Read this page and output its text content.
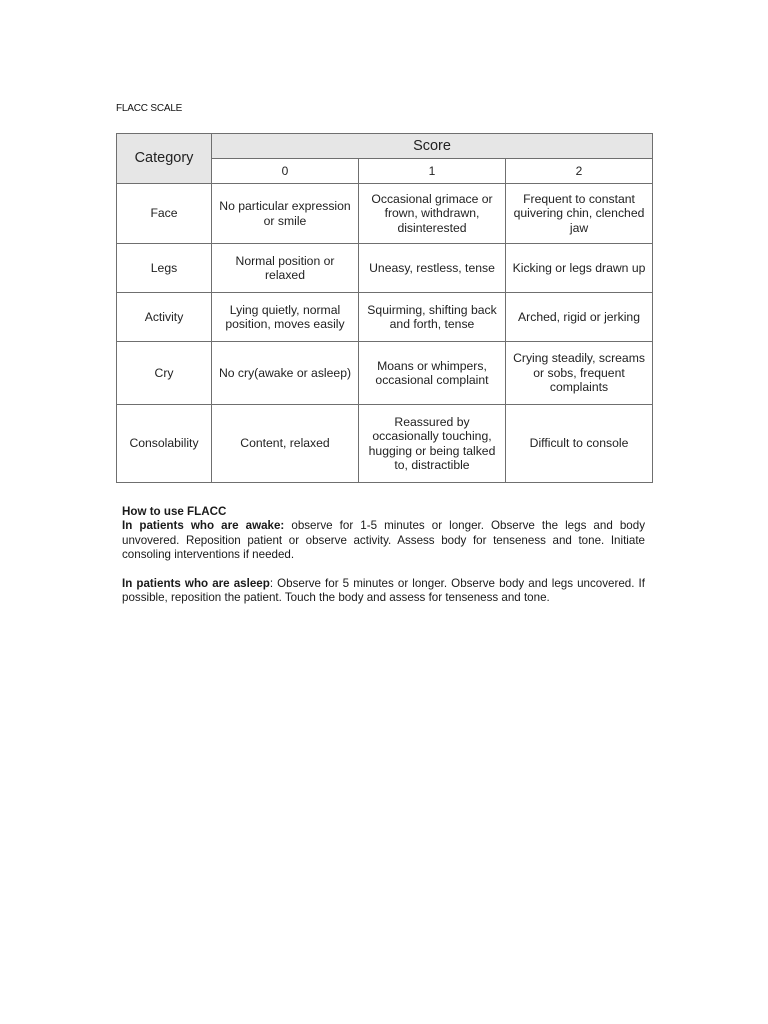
FLACC SCALE
Category	Score		
	0	1	2
Face	No particular expression or smile	Occasional grimace or frown, withdrawn, disinterested	Frequent to constant quivering chin, clenched jaw
Legs	Normal position or relaxed	Uneasy, restless, tense	Kicking or legs drawn up
Activity	Lying quietly, normal position, moves easily	Squirming, shifting back and forth, tense	Arched, rigid or jerking
Cry	No cry(awake or asleep)	Moans or whimpers, occasional complaint	Crying steadily, screams or sobs, frequent complaints
Consolability	Content, relaxed	Reassured by occasionally touching, hugging or being talked to, distractible	Difficult to console

How to use FLACC

In patients who are awake: observe for 1-5 minutes or longer. Observe the legs and body unvovered. Reposition patient or observe activity. Assess body for tenseness and tone. Initiate consoling interventions if needed.

In patients who are asleep: Observe for 5 minutes or longer. Observe body and legs uncovered. If possible, reposition the patient. Touch the body and assess for tenseness and tone.
